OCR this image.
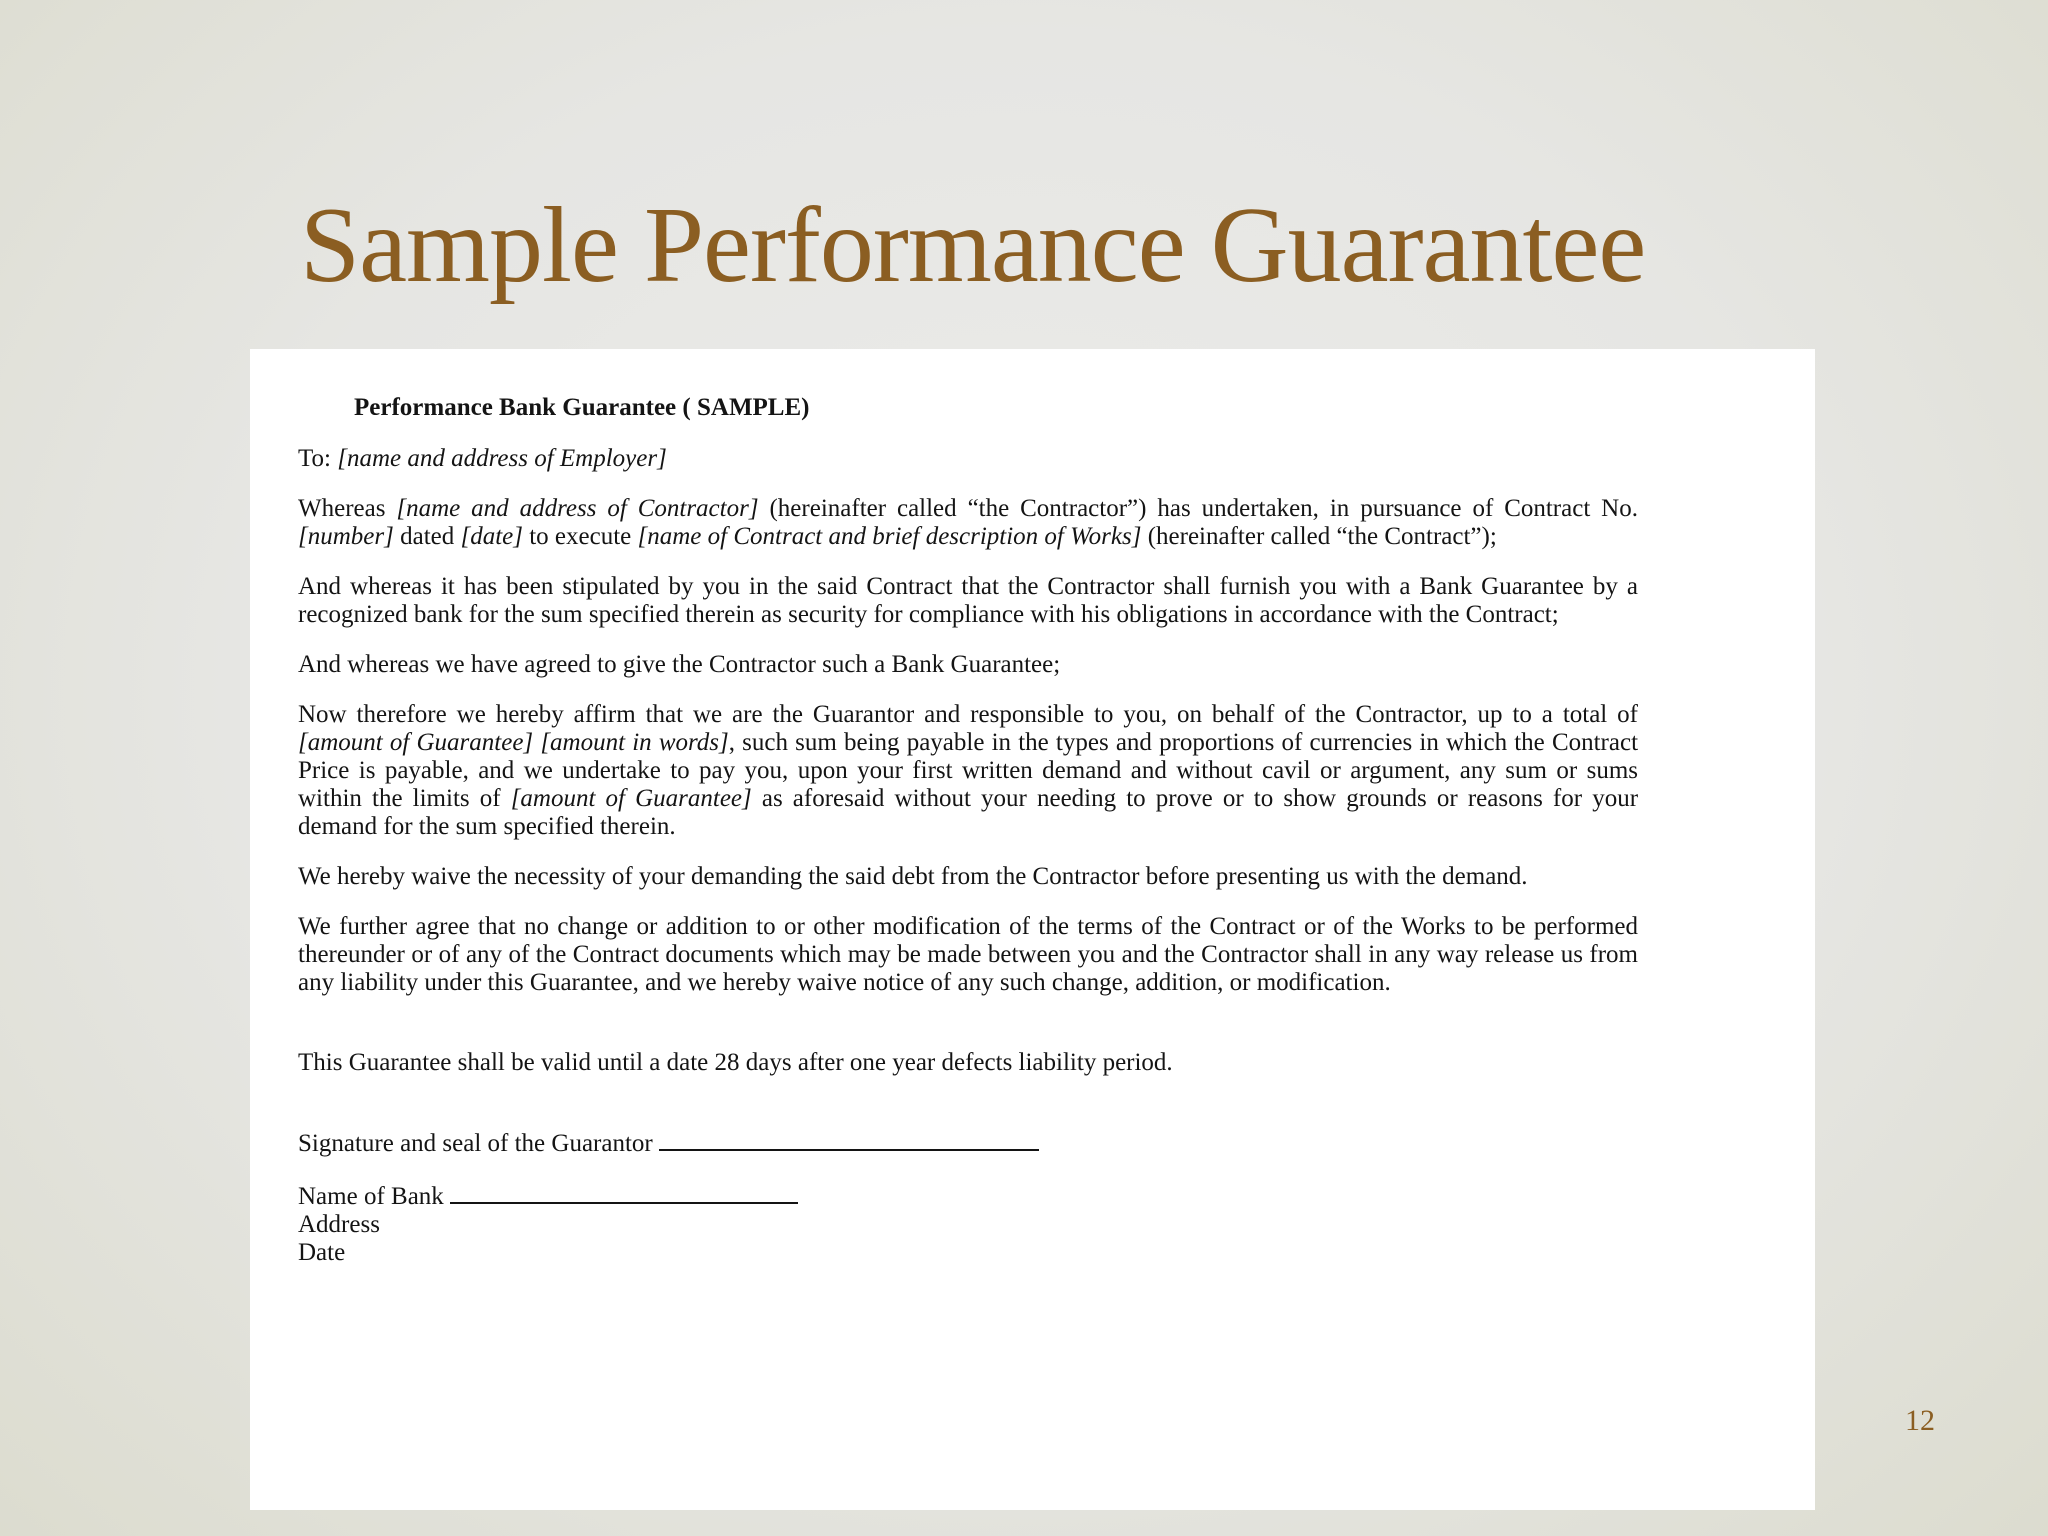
Sample Performance Guarantee

Performance Bank Guarantee ( SAMPLE)

To: [name and address of Employer]

Whereas [name and address of Contractor] (hereinafter called “the Contractor”) has undertaken, in pursuance of Contract No. [number] dated [date] to execute [name of Contract and brief description of Works] (hereinafter called “the Contract”);

And whereas it has been stipulated by you in the said Contract that the Contractor shall furnish you with a Bank Guarantee by a recognized bank for the sum specified therein as security for compliance with his obligations in accordance with the Contract;

And whereas we have agreed to give the Contractor such a Bank Guarantee;

Now therefore we hereby affirm that we are the Guarantor and responsible to you, on behalf of the Contractor, up to a total of [amount of Guarantee] [amount in words], such sum being payable in the types and proportions of currencies in which the Contract Price is payable, and we undertake to pay you, upon your first written demand and without cavil or argument, any sum or sums within the limits of [amount of Guarantee] as aforesaid without your needing to prove or to show grounds or reasons for your demand for the sum specified therein.

We hereby waive the necessity of your demanding the said debt from the Contractor before presenting us with the demand.

We further agree that no change or addition to or other modification of the terms of the Contract or of the Works to be performed thereunder or of any of the Contract documents which may be made between you and the Contractor shall in any way release us from any liability under this Guarantee, and we hereby waive notice of any such change, addition, or modification.

This Guarantee shall be valid until a date 28 days after one year defects liability period.

Signature and seal of the Guarantor

Name of Bank

Address

Date

12
